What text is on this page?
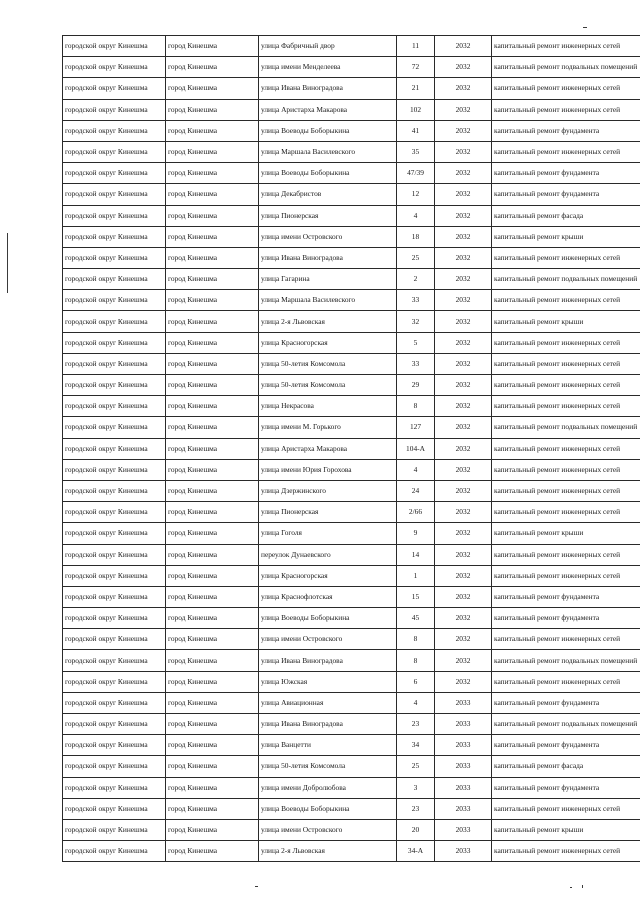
городской округ Кинешма	город Кинешма	улица Фабричный двор	11	2032	капитальный ремонт инженерных сетей
городской округ Кинешма	город Кинешма	улица имени Менделеева	72	2032	капитальный ремонт подвальных помещений
городской округ Кинешма	город Кинешма	улица Ивана Виноградова	21	2032	капитальный ремонт инженерных сетей
городской округ Кинешма	город Кинешма	улица Аристарха Макарова	102	2032	капитальный ремонт инженерных сетей
городской округ Кинешма	город Кинешма	улица Воеводы Боборыкина	41	2032	капитальный ремонт фундамента
городской округ Кинешма	город Кинешма	улица Маршала Василевского	35	2032	капитальный ремонт инженерных сетей
городской округ Кинешма	город Кинешма	улица Воеводы Боборыкина	47/39	2032	капитальный ремонт фундамента
городской округ Кинешма	город Кинешма	улица Декабристов	12	2032	капитальный ремонт фундамента
городской округ Кинешма	город Кинешма	улица Пионерская	4	2032	капитальный ремонт фасада
городской округ Кинешма	город Кинешма	улица имени Островского	18	2032	капитальный ремонт крыши
городской округ Кинешма	город Кинешма	улица Ивана Виноградова	25	2032	капитальный ремонт инженерных сетей
городской округ Кинешма	город Кинешма	улица Гагарина	2	2032	капитальный ремонт подвальных помещений
городской округ Кинешма	город Кинешма	улица Маршала Василевского	33	2032	капитальный ремонт инженерных сетей
городской округ Кинешма	город Кинешма	улица 2-я Львовская	32	2032	капитальный ремонт крыши
городской округ Кинешма	город Кинешма	улица Красногорская	5	2032	капитальный ремонт инженерных сетей
городской округ Кинешма	город Кинешма	улица 50-летия Комсомола	33	2032	капитальный ремонт инженерных сетей
городской округ Кинешма	город Кинешма	улица 50-летия Комсомола	29	2032	капитальный ремонт инженерных сетей
городской округ Кинешма	город Кинешма	улица Некрасова	8	2032	капитальный ремонт инженерных сетей
городской округ Кинешма	город Кинешма	улица имени М. Горького	127	2032	капитальный ремонт подвальных помещений
городской округ Кинешма	город Кинешма	улица Аристарха Макарова	104-А	2032	капитальный ремонт инженерных сетей
городской округ Кинешма	город Кинешма	улица имени Юрия Горохова	4	2032	капитальный ремонт инженерных сетей
городской округ Кинешма	город Кинешма	улица Дзержинского	24	2032	капитальный ремонт инженерных сетей
городской округ Кинешма	город Кинешма	улица Пионерская	2/66	2032	капитальный ремонт инженерных сетей
городской округ Кинешма	город Кинешма	улица Гоголя	9	2032	капитальный ремонт крыши
городской округ Кинешма	город Кинешма	переулок Дунаевского	14	2032	капитальный ремонт инженерных сетей
городской округ Кинешма	город Кинешма	улица Красногорская	1	2032	капитальный ремонт инженерных сетей
городской округ Кинешма	город Кинешма	улица Краснофлотская	15	2032	капитальный ремонт фундамента
городской округ Кинешма	город Кинешма	улица Воеводы Боборыкина	45	2032	капитальный ремонт фундамента
городской округ Кинешма	город Кинешма	улица имени Островского	8	2032	капитальный ремонт инженерных сетей
городской округ Кинешма	город Кинешма	улица Ивана Виноградова	8	2032	капитальный ремонт подвальных помещений
городской округ Кинешма	город Кинешма	улица Южская	6	2032	капитальный ремонт инженерных сетей
городской округ Кинешма	город Кинешма	улица Авиационная	4	2033	капитальный ремонт фундамента
городской округ Кинешма	город Кинешма	улица Ивана Виноградова	23	2033	капитальный ремонт подвальных помещений
городской округ Кинешма	город Кинешма	улица Ванцетти	34	2033	капитальный ремонт фундамента
городской округ Кинешма	город Кинешма	улица 50-летия Комсомола	25	2033	капитальный ремонт фасада
городской округ Кинешма	город Кинешма	улица имени Добролюбова	3	2033	капитальный ремонт фундамента
городской округ Кинешма	город Кинешма	улица Воеводы Боборыкина	23	2033	капитальный ремонт инженерных сетей
городской округ Кинешма	город Кинешма	улица имени Островского	20	2033	капитальный ремонт крыши
городской округ Кинешма	город Кинешма	улица 2-я Львовская	34-А	2033	капитальный ремонт инженерных сетей
